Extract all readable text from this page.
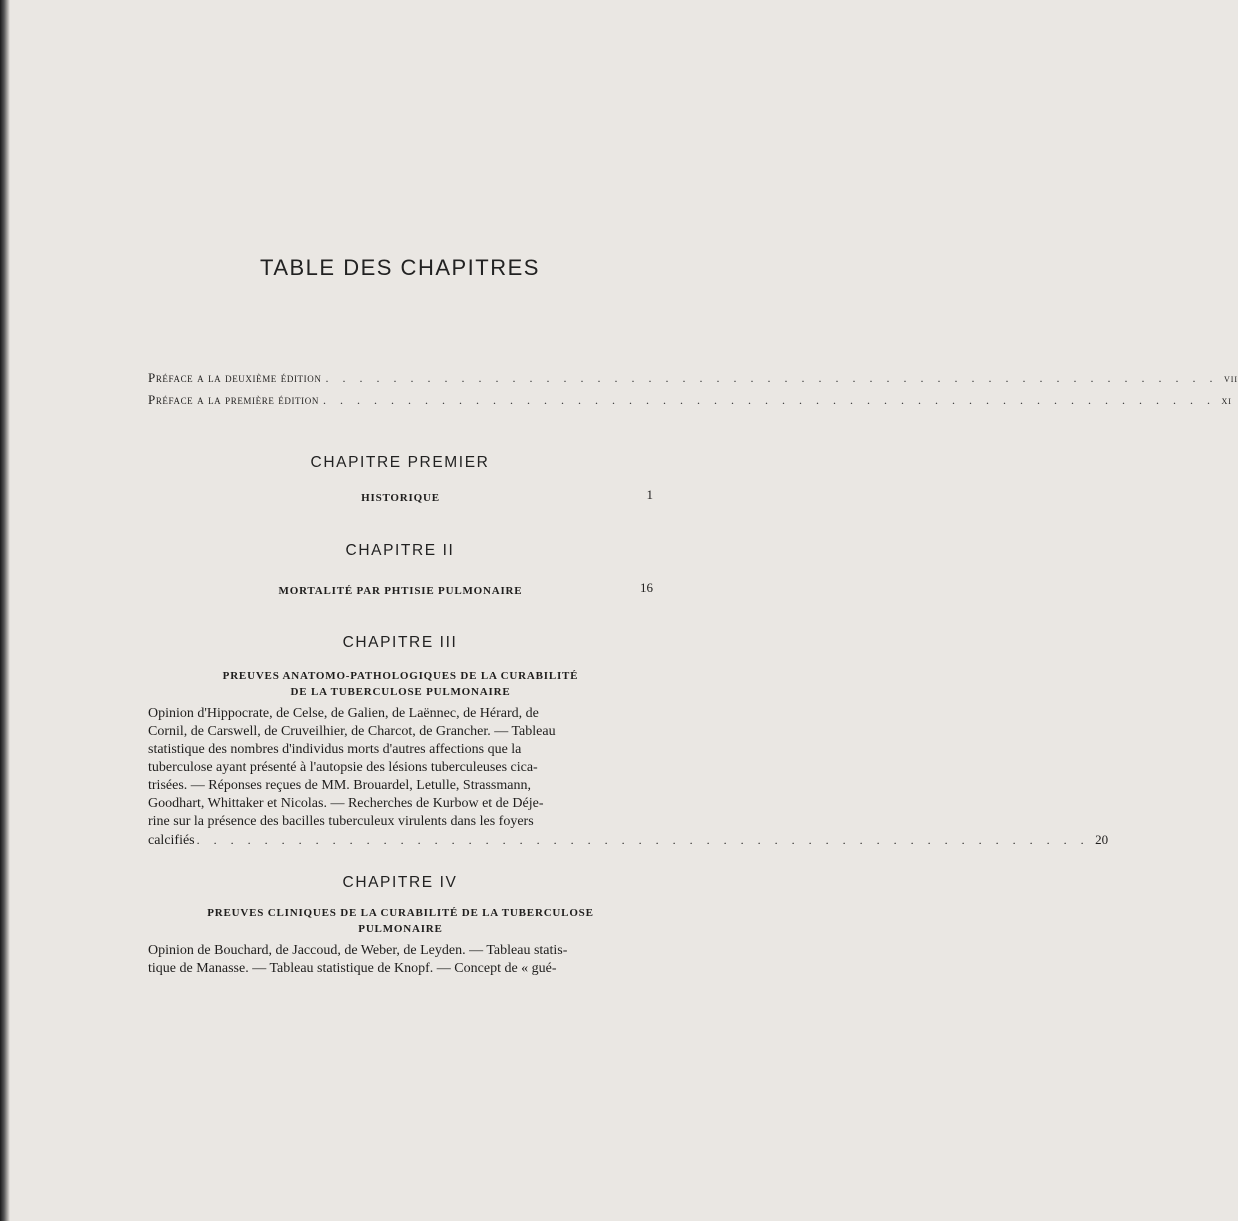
TABLE DES CHAPITRES
Préface a la deuxième édition . . . . . . . . . . . . . . . . . . . . . . . . . . . . . . . . . . . . . . . . . . . . . . . . . . . . . vii
Préface a la première édition . . . . . . . . . . . . . . . . . . . . . . . . . . . . . . . . . . . . . . . . . . . . . . . . . . . . . xi
CHAPITRE PREMIER
HISTORIQUE	1
CHAPITRE II
MORTALITÉ PAR PHTISIE PULMONAIRE	16
CHAPITRE III
PREUVES ANATOMO-PATHOLOGIQUES DE LA CURABILITÉ
DE LA TUBERCULOSE PULMONAIRE
Opinion d'Hippocrate, de Celse, de Galien, de Laënnec, de Hérard, de
Cornil, de Carswell, de Cruveilhier, de Charcot, de Grancher. — Tableau
statistique des nombres d'individus morts d'autres affections que la
tuberculose ayant présenté à l'autopsie des lésions tuberculeuses cica-
trisées. — Réponses reçues de MM. Brouardel, Letulle, Strassmann,
Goodhart, Whittaker et Nicolas. — Recherches de Kurbow et de Déje-
rine sur la présence des bacilles tuberculeux virulents dans les foyers
calcifiés . . . . . . . . . . . . . . . . . . . . . . . . . . . . . . . . . . . . . . . . . . . . . . . . . . . . . 20
CHAPITRE IV
PREUVES CLINIQUES DE LA CURABILITÉ DE LA TUBERCULOSE
PULMONAIRE
Opinion de Bouchard, de Jaccoud, de Weber, de Leyden. — Tableau statis-
tique de Manasse. — Tableau statistique de Knopf. — Concept de « gué-
